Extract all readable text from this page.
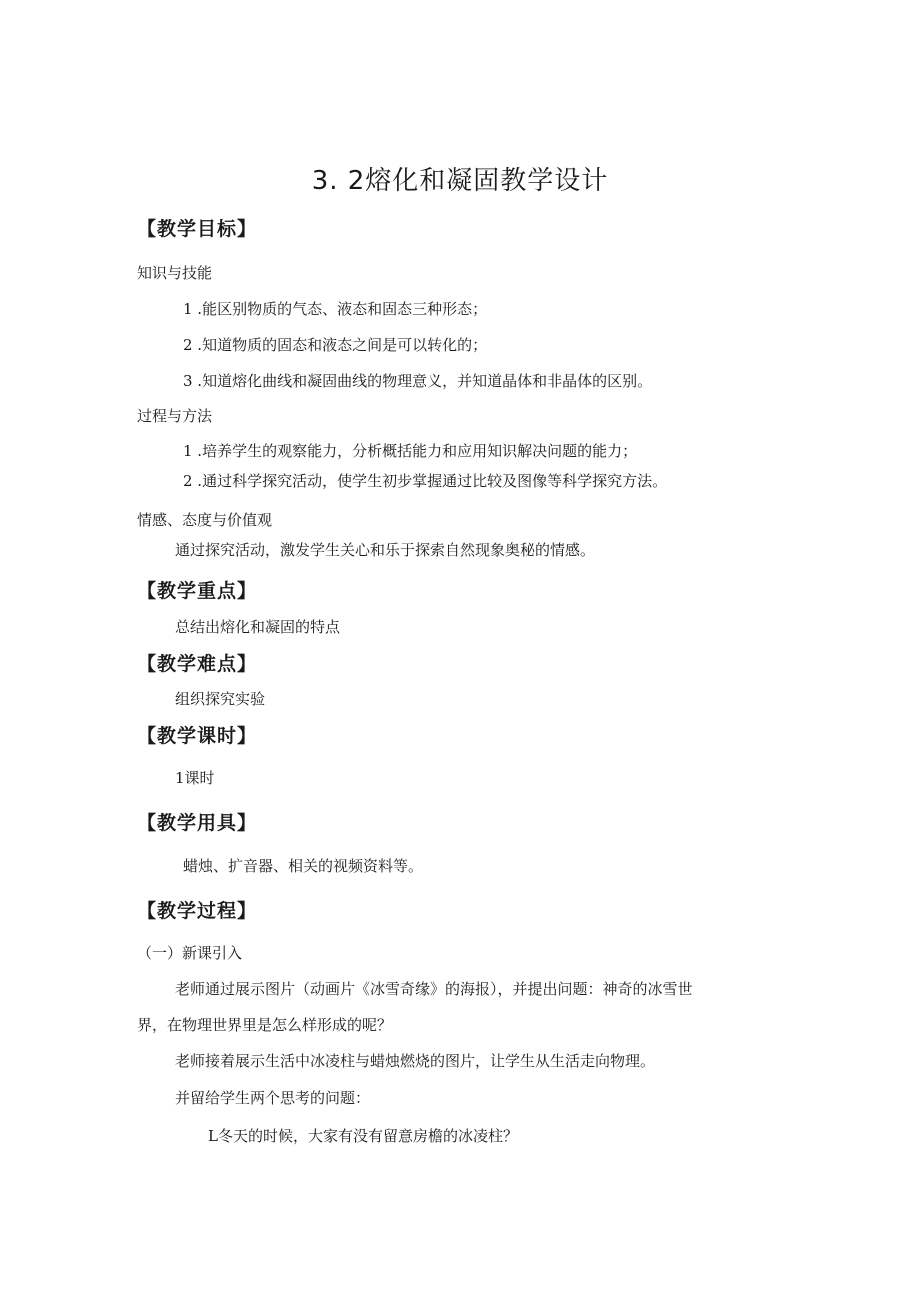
3. 2熔化和凝固教学设计
【教学目标】
知识与技能
1 .能区别物质的气态、液态和固态三种形态；
2 .知道物质的固态和液态之间是可以转化的；
3 .知道熔化曲线和凝固曲线的物理意义，并知道晶体和非晶体的区别。
过程与方法
1 .培养学生的观察能力，分析概括能力和应用知识解决问题的能力；
2 .通过科学探究活动，使学生初步掌握通过比较及图像等科学探究方法。
情感、态度与价值观
通过探究活动，激发学生关心和乐于探索自然现象奥秘的情感。
【教学重点】
总结出熔化和凝固的特点
【教学难点】
组织探究实验
【教学课时】
1课时
【教学用具】
蜡烛、扩音器、相关的视频资料等。
【教学过程】
（一）新课引入
老师通过展示图片（动画片《冰雪奇缘》的海报），并提出问题：神奇的冰雪世
界，在物理世界里是怎么样形成的呢？
老师接着展示生活中冰凌柱与蜡烛燃烧的图片，让学生从生活走向物理。
并留给学生两个思考的问题：
L冬天的时候，大家有没有留意房檐的冰凌柱？
